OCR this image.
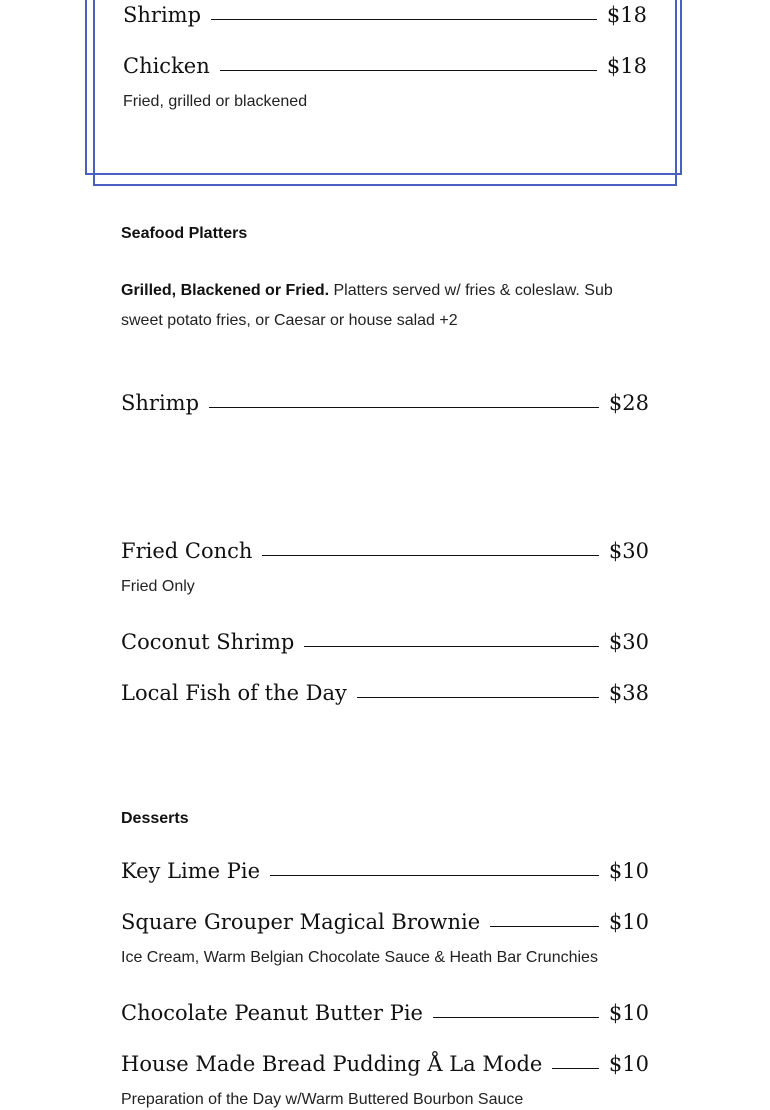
Shrimp	$18
Chicken	$18
Fried, grilled or blackened
Seafood Platters
Grilled, Blackened or Fried. Platters served w/ fries & coleslaw. Sub sweet potato fries, or Caesar or house salad +2
Shrimp	$28
Fried Conch	$30
Fried Only
Coconut Shrimp	$30
Local Fish of the Day	$38
Desserts
Key Lime Pie	$10
Square Grouper Magical Brownie	$10
Ice Cream, Warm Belgian Chocolate Sauce & Heath Bar Crunchies
Chocolate Peanut Butter Pie	$10
House Made Bread Pudding Å La Mode	$10
Preparation of the Day w/Warm Buttered Bourbon Sauce
